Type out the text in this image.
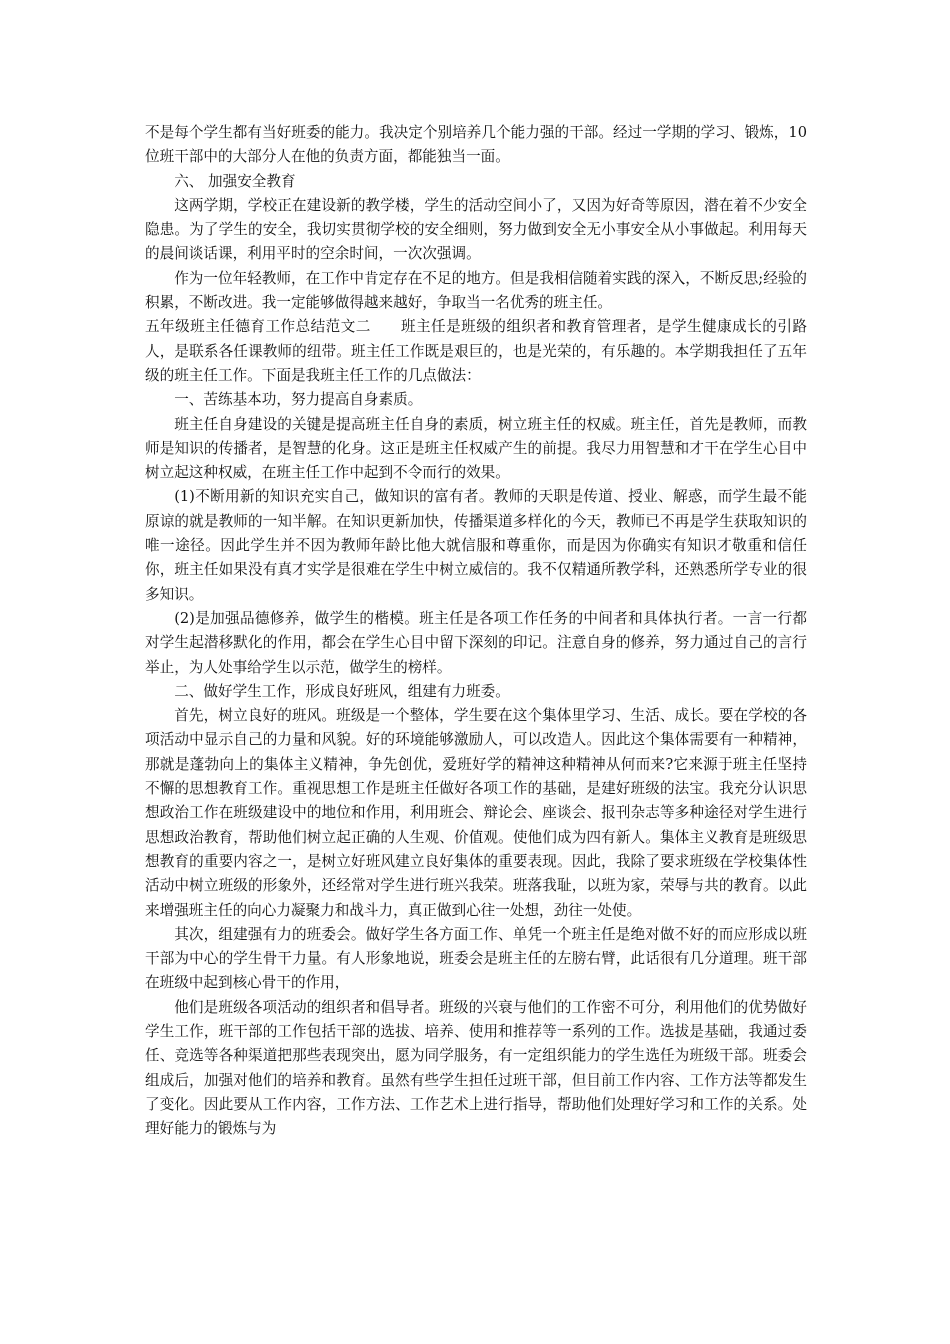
不是每个学生都有当好班委的能力。我决定个别培养几个能力强的干部。经过一学期的学习、锻炼，10位班干部中的大部分人在他的负责方面，都能独当一面。

六、 加强安全教育

这两学期，学校正在建设新的教学楼，学生的活动空间小了，又因为好奇等原因，潜在着不少安全隐患。为了学生的安全，我切实贯彻学校的安全细则，努力做到安全无小事安全从小事做起。利用每天的晨间谈话课，利用平时的空余时间，一次次强调。

作为一位年轻教师，在工作中肯定存在不足的地方。但是我相信随着实践的深入，不断反思;经验的积累，不断改进。我一定能够做得越来越好，争取当一名优秀的班主任。

五年级班主任德育工作总结范文二　　班主任是班级的组织者和教育管理者，是学生健康成长的引路人，是联系各任课教师的纽带。班主任工作既是艰巨的，也是光荣的，有乐趣的。本学期我担任了五年级的班主任工作。下面是我班主任工作的几点做法：

一、苦练基本功，努力提高自身素质。

班主任自身建设的关键是提高班主任自身的素质，树立班主任的权威。班主任，首先是教师，而教师是知识的传播者，是智慧的化身。这正是班主任权威产生的前提。我尽力用智慧和才干在学生心目中树立起这种权威，在班主任工作中起到不令而行的效果。

(1)不断用新的知识充实自己，做知识的富有者。教师的天职是传道、授业、解惑，而学生最不能原谅的就是教师的一知半解。在知识更新加快，传播渠道多样化的今天，教师已不再是学生获取知识的唯一途径。因此学生并不因为教师年龄比他大就信服和尊重你，而是因为你确实有知识才敬重和信任你，班主任如果没有真才实学是很难在学生中树立威信的。我不仅精通所教学科，还熟悉所学专业的很多知识。

(2)是加强品德修养，做学生的楷模。班主任是各项工作任务的中间者和具体执行者。一言一行都对学生起潜移默化的作用，都会在学生心目中留下深刻的印记。注意自身的修养，努力通过自己的言行举止，为人处事给学生以示范，做学生的榜样。

二、做好学生工作，形成良好班风，组建有力班委。

首先，树立良好的班风。班级是一个整体，学生要在这个集体里学习、生活、成长。要在学校的各项活动中显示自己的力量和风貌。好的环境能够激励人，可以改造人。因此这个集体需要有一种精神，那就是蓬勃向上的集体主义精神，争先创优，爱班好学的精神这种精神从何而来?它来源于班主任坚持不懈的思想教育工作。重视思想工作是班主任做好各项工作的基础，是建好班级的法宝。我充分认识思想政治工作在班级建设中的地位和作用，利用班会、辩论会、座谈会、报刊杂志等多种途径对学生进行思想政治教育，帮助他们树立起正确的人生观、价值观。使他们成为四有新人。集体主义教育是班级思想教育的重要内容之一，是树立好班风建立良好集体的重要表现。因此，我除了要求班级在学校集体性活动中树立班级的形象外，还经常对学生进行班兴我荣。班落我耻，以班为家，荣辱与共的教育。以此来增强班主任的向心力凝聚力和战斗力，真正做到心往一处想，劲往一处使。

其次，组建强有力的班委会。做好学生各方面工作、单凭一个班主任是绝对做不好的而应形成以班干部为中心的学生骨干力量。有人形象地说，班委会是班主任的左膀右臂，此话很有几分道理。班干部在班级中起到核心骨干的作用，

他们是班级各项活动的组织者和倡导者。班级的兴衰与他们的工作密不可分，利用他们的优势做好学生工作，班干部的工作包括干部的选拔、培养、使用和推荐等一系列的工作。选拔是基础，我通过委任、竞选等各种渠道把那些表现突出，愿为同学服务，有一定组织能力的学生选任为班级干部。班委会组成后，加强对他们的培养和教育。虽然有些学生担任过班干部，但目前工作内容、工作方法等都发生了变化。因此要从工作内容，工作方法、工作艺术上进行指导，帮助他们处理好学习和工作的关系。处理好能力的锻炼与为
